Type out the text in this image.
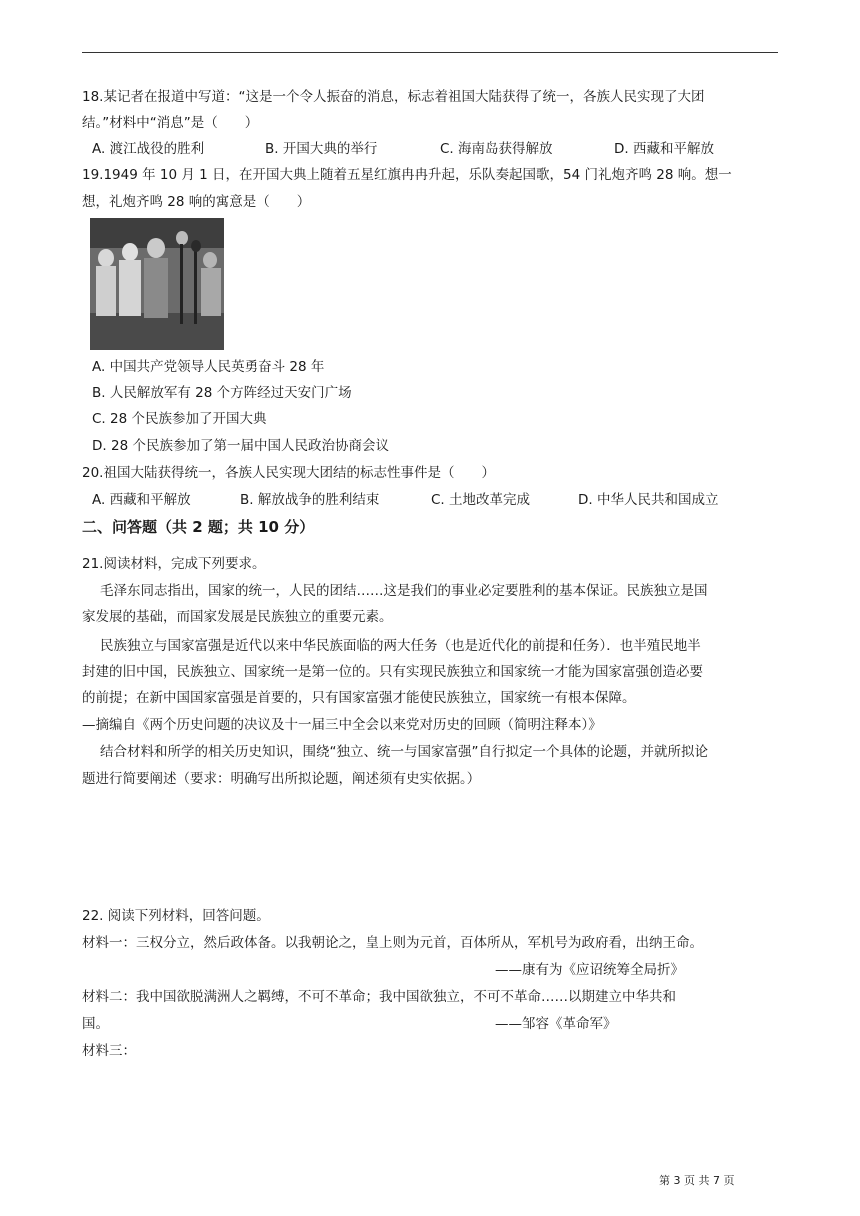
18.某记者在报道中写道：“这是一个令人振奋的消息，标志着祖国大陆获得了统一，各族人民实现了大团
结。”材料中“消息”是（　　）
A. 渡江战役的胜利	B. 开国大典的举行	C. 海南岛获得解放	D. 西藏和平解放
19.1949 年 10 月 1 日，在开国大典上随着五星红旗冉冉升起，乐队奏起国歌，54 门礼炮齐鸣 28 响。想一
想，礼炮齐鸣 28 响的寓意是（　　）
A. 中国共产党领导人民英勇奋斗 28 年
B. 人民解放军有 28 个方阵经过天安门广场
C. 28 个民族参加了开国大典
D. 28 个民族参加了第一届中国人民政治协商会议
20.祖国大陆获得统一，各族人民实现大团结的标志性事件是（　　）
A. 西藏和平解放	B. 解放战争的胜利结束	C. 土地改革完成	D. 中华人民共和国成立
二、问答题（共 2 题；共 10 分）
21.阅读材料，完成下列要求。
毛泽东同志指出，国家的统一，人民的团结……这是我们的事业必定要胜利的基本保证。民族独立是国
家发展的基础，而国家发展是民族独立的重要元素。
民族独立与国家富强是近代以来中华民族面临的两大任务（也是近代化的前提和任务）．也半殖民地半
封建的旧中国，民族独立、国家统一是第一位的。只有实现民族独立和国家统一才能为国家富强创造必要
的前提；在新中国国家富强是首要的，只有国家富强才能使民族独立，国家统一有根本保障。
—摘编自《两个历史问题的决议及十一届三中全会以来党对历史的回顾（简明注释本）》
结合材料和所学的相关历史知识，围绕“独立、统一与国家富强”自行拟定一个具体的论题，并就所拟论
题进行简要阐述（要求：明确写出所拟论题，阐述须有史实依据。）
22. 阅读下列材料，回答问题。
材料一：三权分立，然后政体备。以我朝论之，皇上则为元首，百体所从，军机号为政府看，出纳王命。
——康有为《应诏统筹全局折》
材料二：我中国欲脱满洲人之羁缚，不可不革命；我中国欲独立，不可不革命……以期建立中华共和
国。	——邹容《革命军》
材料三：
第 3 页 共 7 页
